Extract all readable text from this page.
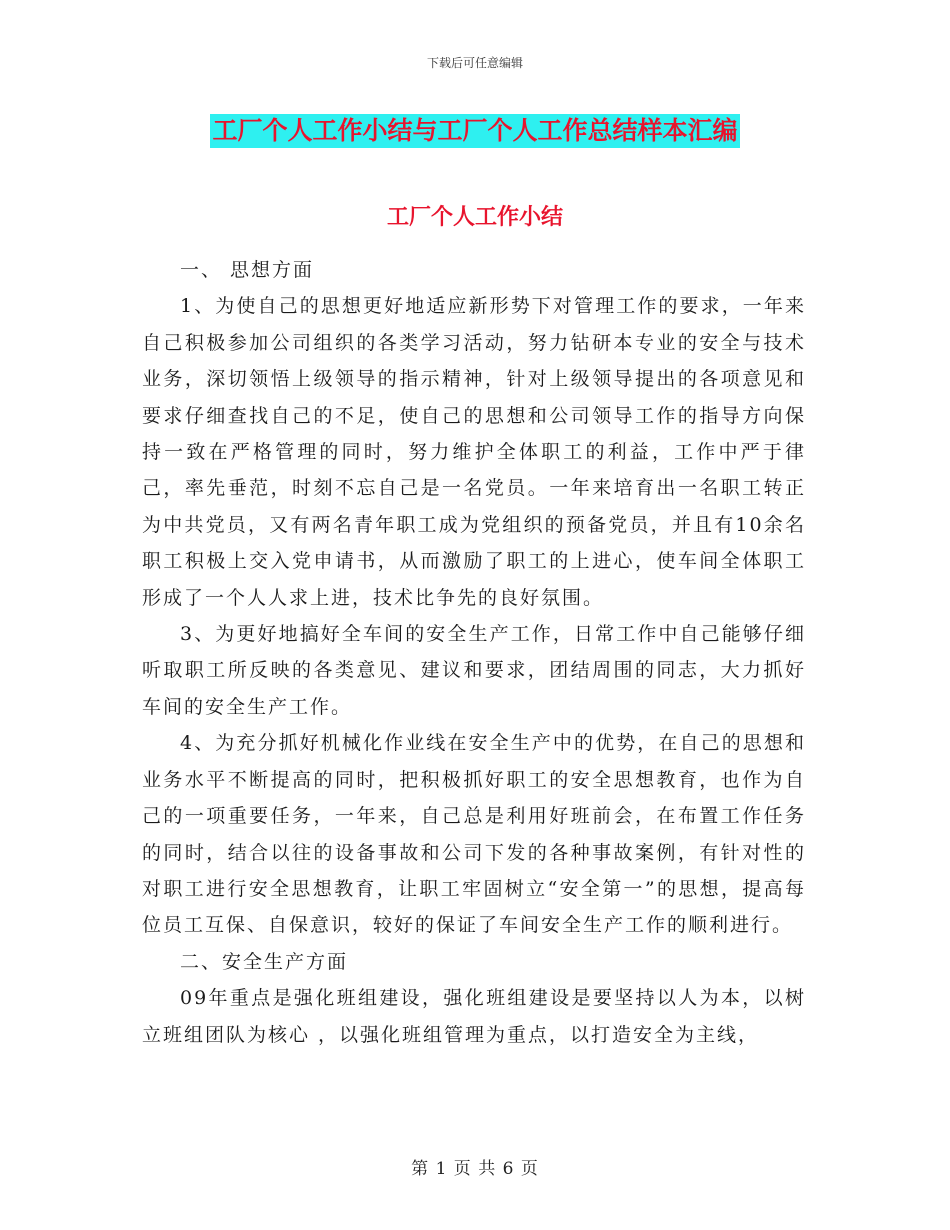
下载后可任意编辑
工厂个人工作小结与工厂个人工作总结样本汇编
工厂个人工作小结

一、 思想方面

1、为使自己的思想更好地适应新形势下对管理工作的要求，一年来自己积极参加公司组织的各类学习活动，努力钻研本专业的安全与技术业务，深切领悟上级领导的指示精神，针对上级领导提出的各项意见和要求仔细查找自己的不足，使自己的思想和公司领导工作的指导方向保持一致在严格管理的同时，努力维护全体职工的利益，工作中严于律己，率先垂范，时刻不忘自己是一名党员。一年来培育出一名职工转正为中共党员，又有两名青年职工成为党组织的预备党员，并且有10余名职工积极上交入党申请书，从而激励了职工的上进心，使车间全体职工形成了一个人人求上进，技术比争先的良好氛围。

3、为更好地搞好全车间的安全生产工作，日常工作中自己能够仔细听取职工所反映的各类意见、建议和要求，团结周围的同志，大力抓好车间的安全生产工作。

4、为充分抓好机械化作业线在安全生产中的优势，在自己的思想和业务水平不断提高的同时，把积极抓好职工的安全思想教育，也作为自己的一项重要任务，一年来，自己总是利用好班前会，在布置工作任务的同时，结合以往的设备事故和公司下发的各种事故案例，有针对性的对职工进行安全思想教育，让职工牢固树立“安全第一”的思想，提高每位员工互保、自保意识，较好的保证了车间安全生产工作的顺利进行。

二、安全生产方面

09年重点是强化班组建设，强化班组建设是要坚持以人为本，以树立班组团队为核心 ，以强化班组管理为重点，以打造安全为主线，

第 1 页 共 6 页
